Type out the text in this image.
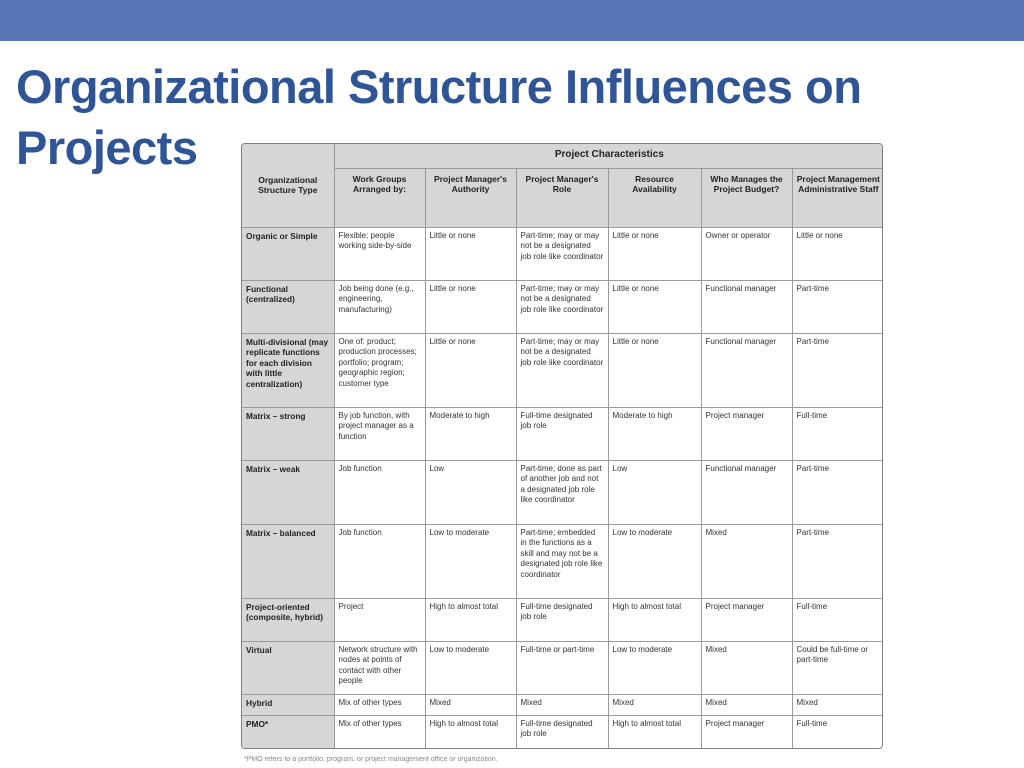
Organizational Structure Influences on Projects
Organizational Structure Type	Project Characteristics					
	Work Groups Arranged by:	Project Manager's Authority	Project Manager's Role	Resource Availability	Who Manages the Project Budget?	Project Management Administrative Staff
Organic or Simple	Flexible; people working side-by-side	Little or none	Part-time; may or may not be a designated job role like coordinator	Little or none	Owner or operator	Little or none
Functional (centralized)	Job being done (e.g., engineering, manufacturing)	Little or none	Part-time; may or may not be a designated job role like coordinator	Little or none	Functional manager	Part-time
Multi-divisional (may replicate functions for each division with little centralization)	One of: product; production processes; portfolio; program; geographic region; customer type	Little or none	Part-time; may or may not be a designated job role like coordinator	Little or none	Functional manager	Part-time
Matrix – strong	By job function, with project manager as a function	Moderate to high	Full-time designated job role	Moderate to high	Project manager	Full-time
Matrix – weak	Job function	Low	Part-time; done as part of another job and not a designated job role like coordinator	Low	Functional manager	Part-time
Matrix – balanced	Job function	Low to moderate	Part-time; embedded in the functions as a skill and may not be a designated job role like coordinator	Low to moderate	Mixed	Part-time
Project-oriented (composite, hybrid)	Project	High to almost total	Full-time designated job role	High to almost total	Project manager	Full-time
Virtual	Network structure with nodes at points of contact with other people	Low to moderate	Full-time or part-time	Low to moderate	Mixed	Could be full-time or part-time
Hybrid	Mix of other types	Mixed	Mixed	Mixed	Mixed	Mixed
PMO*	Mix of other types	High to almost total	Full-time designated job role	High to almost total	Project manager	Full-time
*PMO refers to a portfolio, program, or project management office or organization.
